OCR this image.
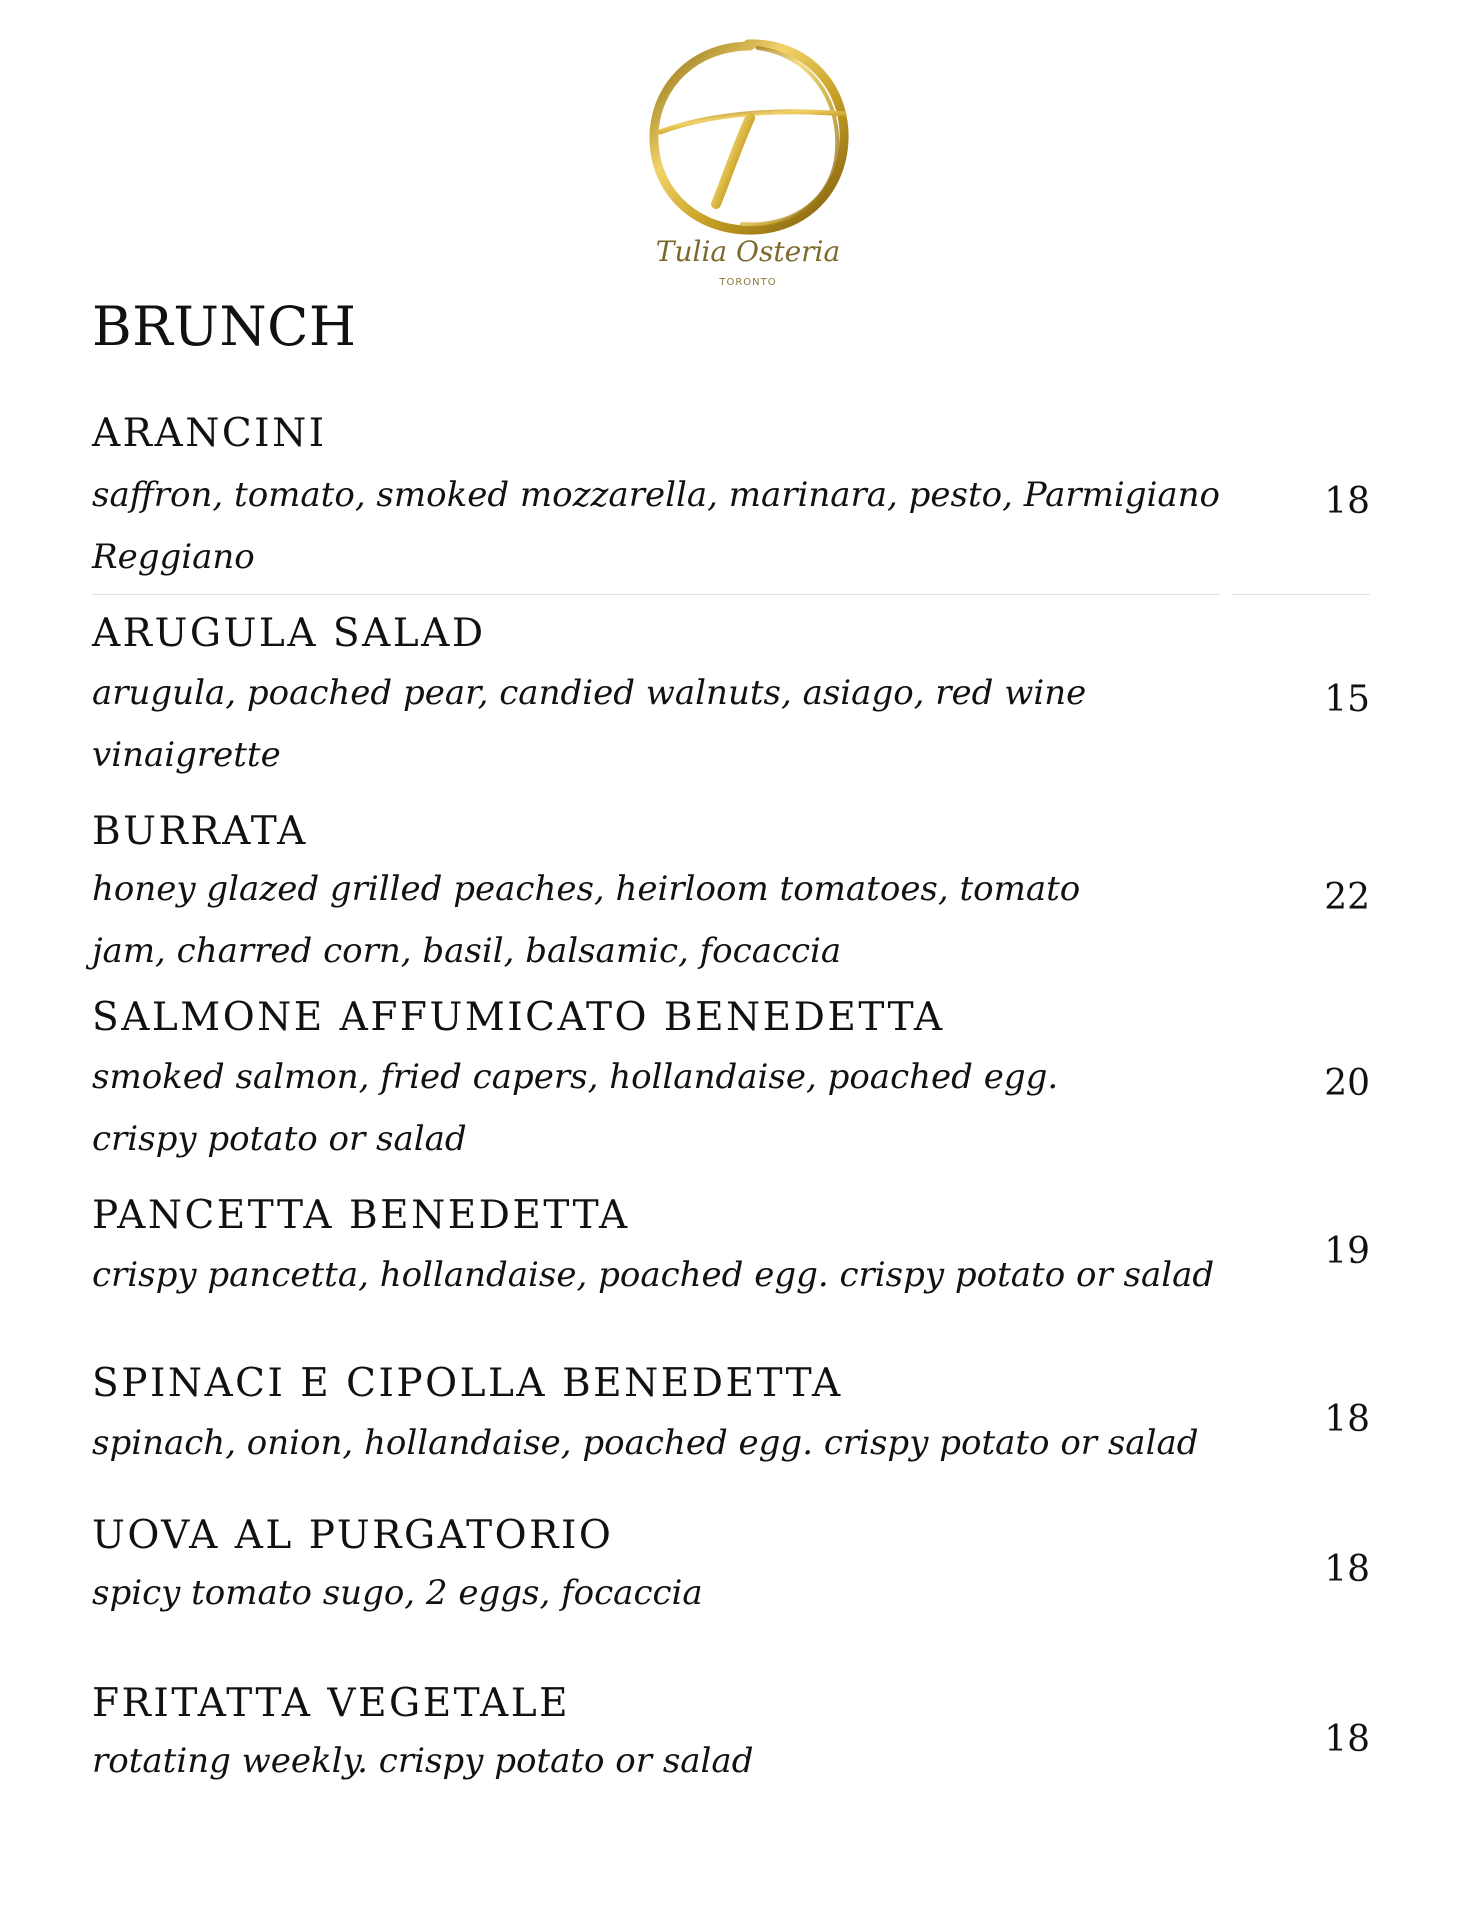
Tulia Osteria
TORONTO
BRUNCH
ARANCINI
saffron, tomato, smoked mozzarella, marinara, pesto, Parmigiano Reggiano
18
ARUGULA SALAD
arugula, poached pear, candied walnuts, asiago, red wine vinaigrette
15
BURRATA
honey glazed grilled peaches, heirloom tomatoes, tomato jam, charred corn, basil, balsamic, focaccia
22
SALMONE AFFUMICATO BENEDETTA
smoked salmon, fried capers, hollandaise, poached egg. crispy potato or salad
20
PANCETTA BENEDETTA
crispy pancetta, hollandaise, poached egg. crispy potato or salad
19
SPINACI E CIPOLLA BENEDETTA
spinach, onion, hollandaise, poached egg. crispy potato or salad
18
UOVA AL PURGATORIO
spicy tomato sugo, 2 eggs, focaccia
18
FRITATTA VEGETALE
rotating weekly. crispy potato or salad
18
